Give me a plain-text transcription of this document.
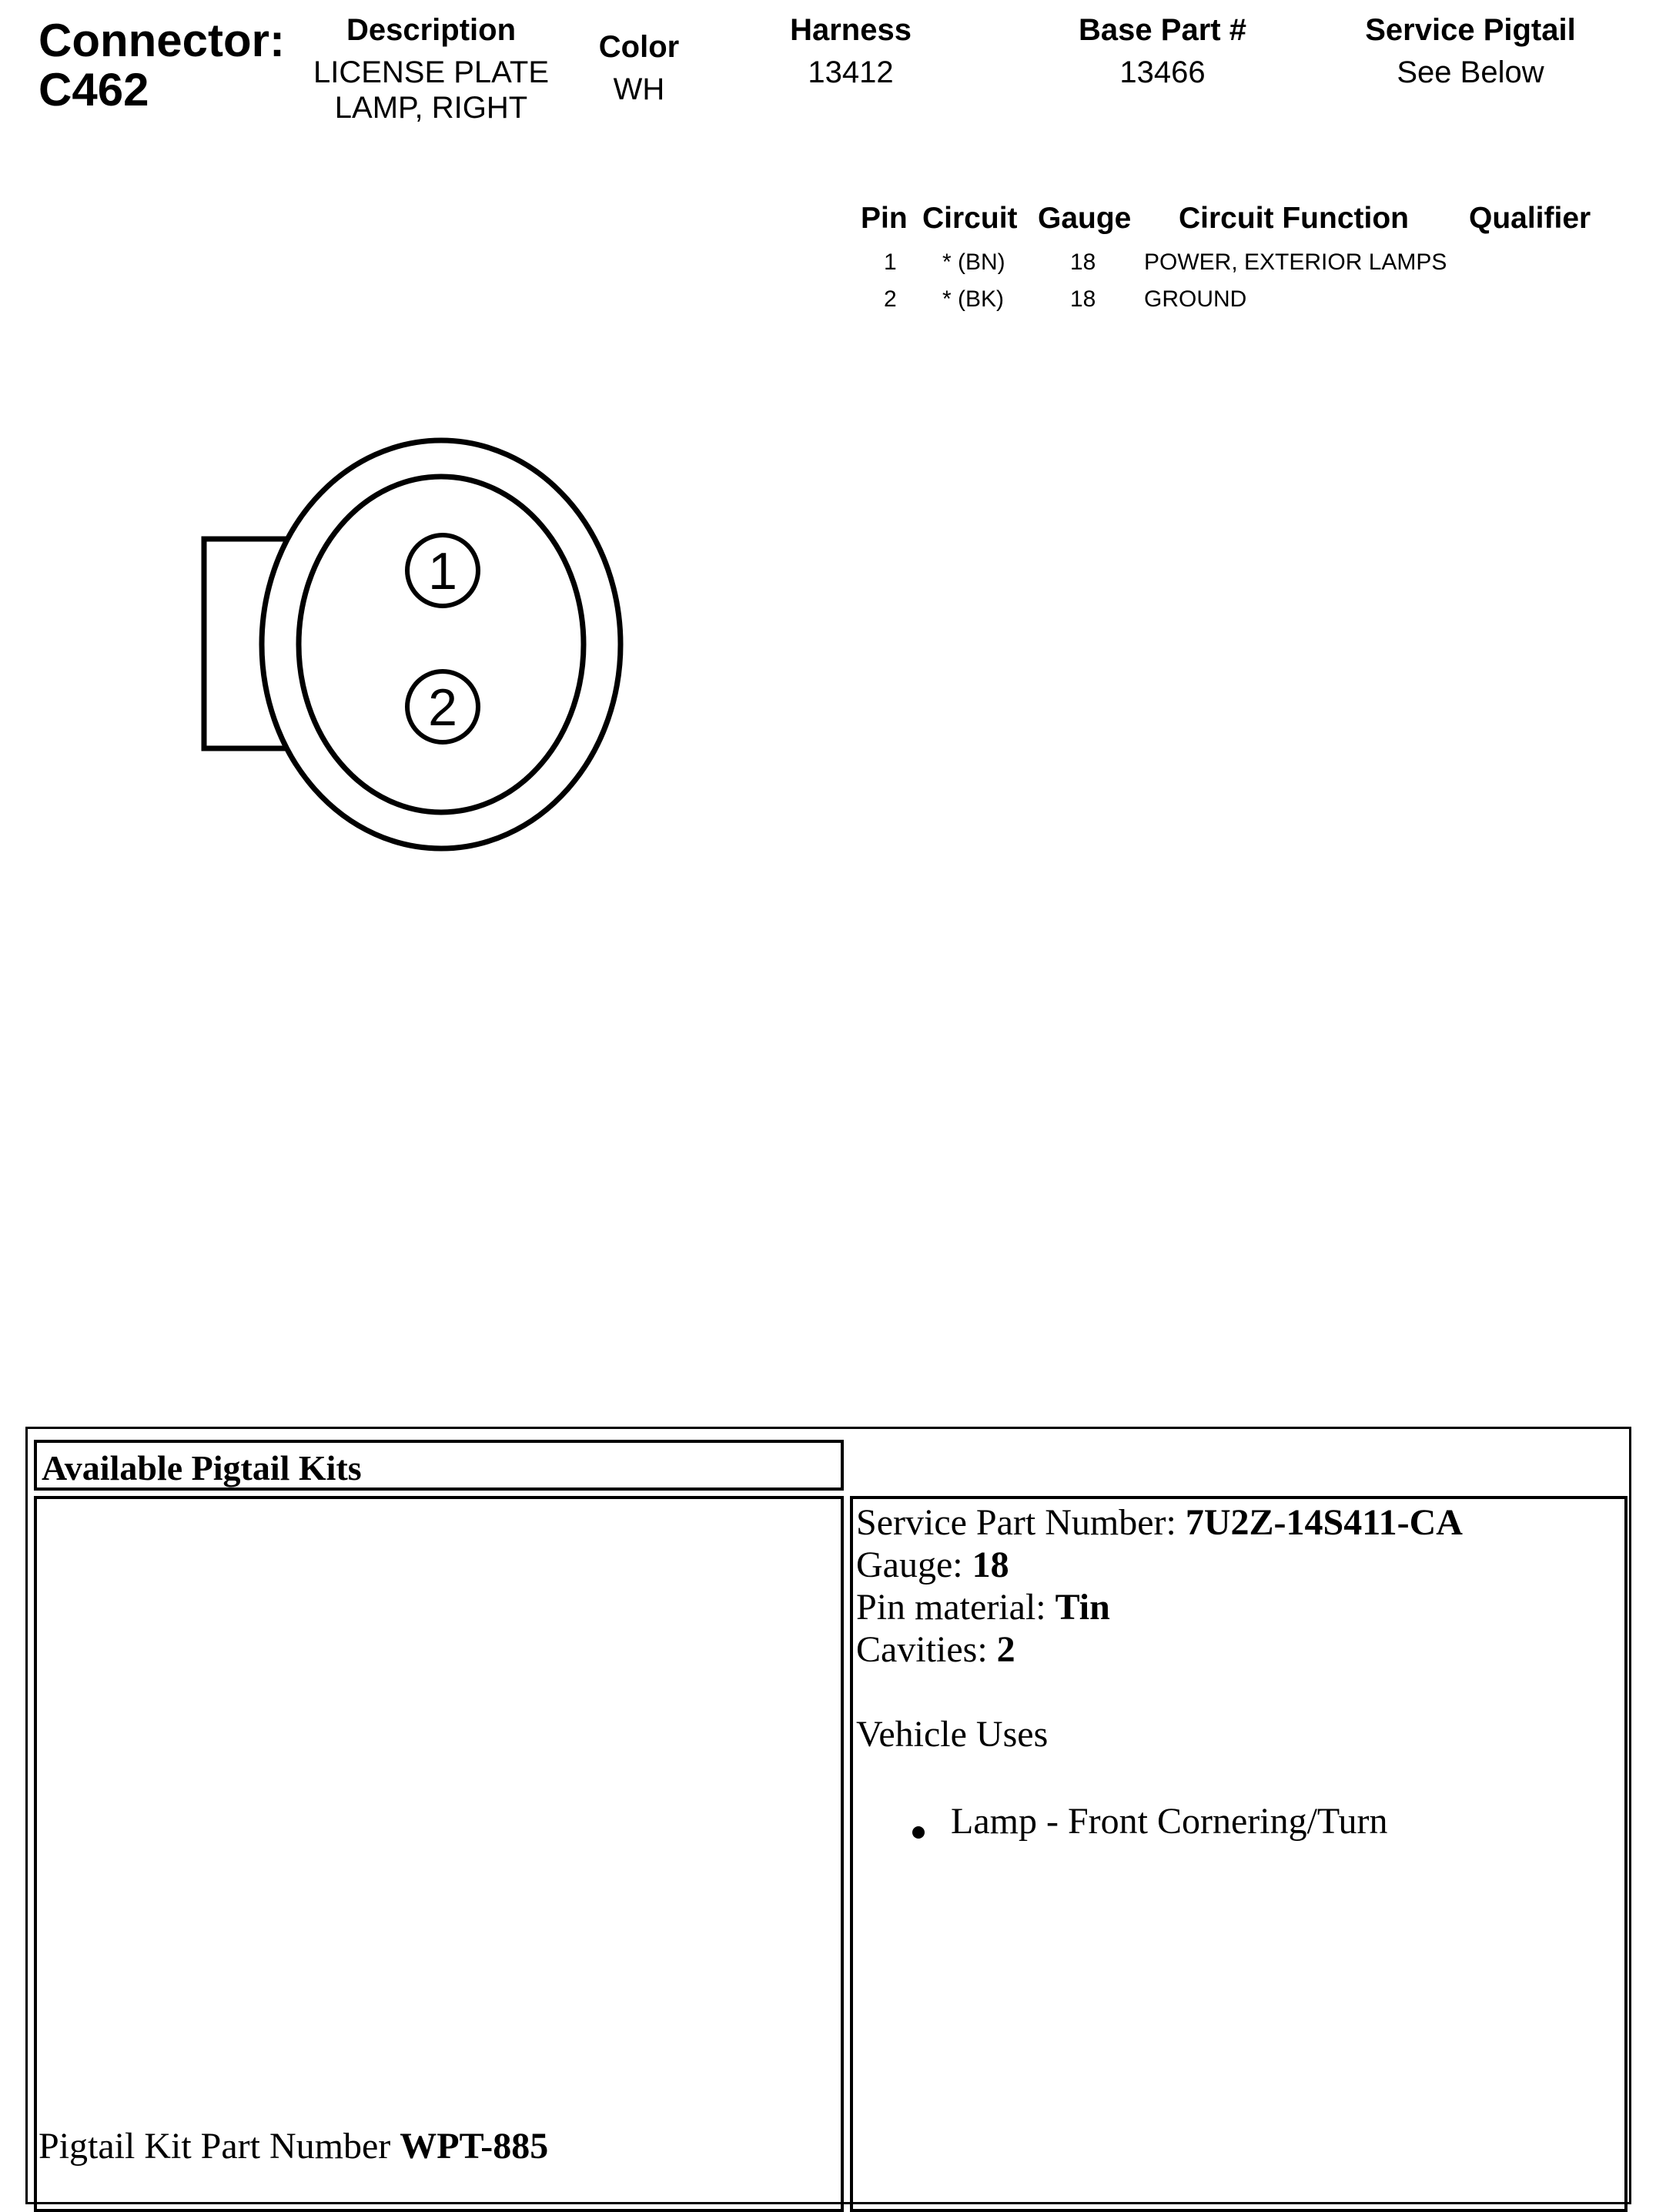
Connector:
C462
Description
LICENSE PLATE
LAMP, RIGHT
Color
WH
Harness
13412
Base Part #
13466
Service Pigtail
See Below
Pin Circuit Gauge Circuit Function Qualifier
1 * (BN)	18 POWER, EXTERIOR LAMPS
2 * (BK)	18 GROUND
1
2
Available Pigtail Kits
Service Part Number: 7U2Z-14S411-CA
Gauge: 18
Pin material: Tin
Cavities: 2
Vehicle Uses
Lamp - Front Cornering/Turn
Pigtail Kit Part Number WPT-885
